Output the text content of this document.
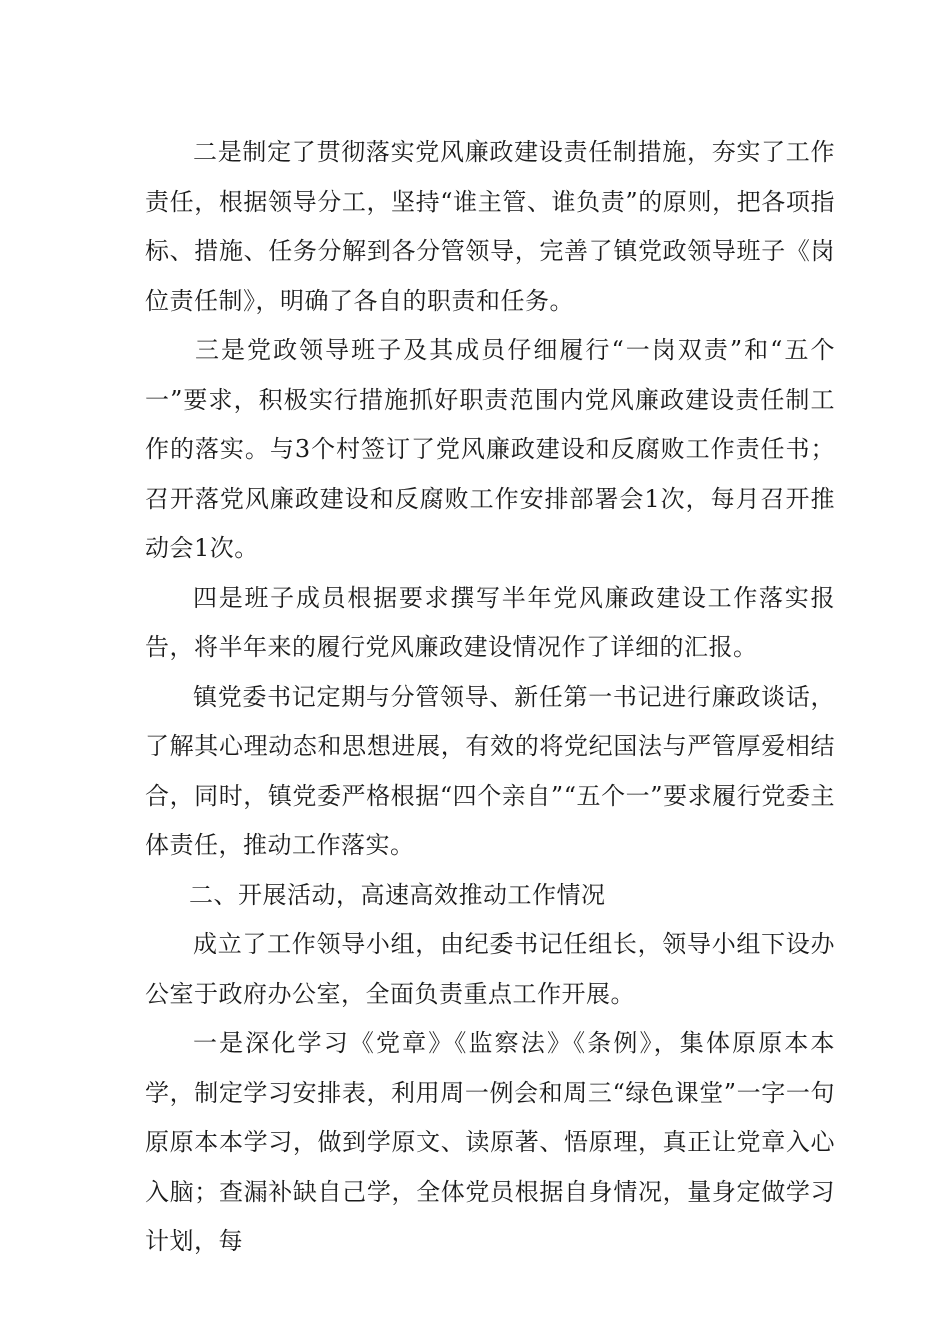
二是制定了贯彻落实党风廉政建设责任制措施，夯实了工作责任，根据领导分工，坚持“谁主管、谁负责”的原则，把各项指标、措施、任务分解到各分管领导，完善了镇党政领导班子《岗位责任制》，明确了各自的职责和任务。

三是党政领导班子及其成员仔细履行“一岗双责”和“五个一”要求，积极实行措施抓好职责范围内党风廉政建设责任制工作的落实。与3个村签订了党风廉政建设和反腐败工作责任书；召开落党风廉政建设和反腐败工作安排部署会1次，每月召开推动会1次。

四是班子成员根据要求撰写半年党风廉政建设工作落实报告，将半年来的履行党风廉政建设情况作了详细的汇报。

镇党委书记定期与分管领导、新任第一书记进行廉政谈话，了解其心理动态和思想进展，有效的将党纪国法与严管厚爱相结合，同时，镇党委严格根据“四个亲自”“五个一”要求履行党委主体责任，推动工作落实。

二、开展活动，高速高效推动工作情况

成立了工作领导小组，由纪委书记任组长，领导小组下设办公室于政府办公室，全面负责重点工作开展。

一是深化学习《党章》《监察法》《条例》，集体原原本本学，制定学习安排表，利用周一例会和周三“绿色课堂”一字一句原原本本学习，做到学原文、读原著、悟原理，真正让党章入心入脑；查漏补缺自己学，全体党员根据自身情况，量身定做学习计划，每
